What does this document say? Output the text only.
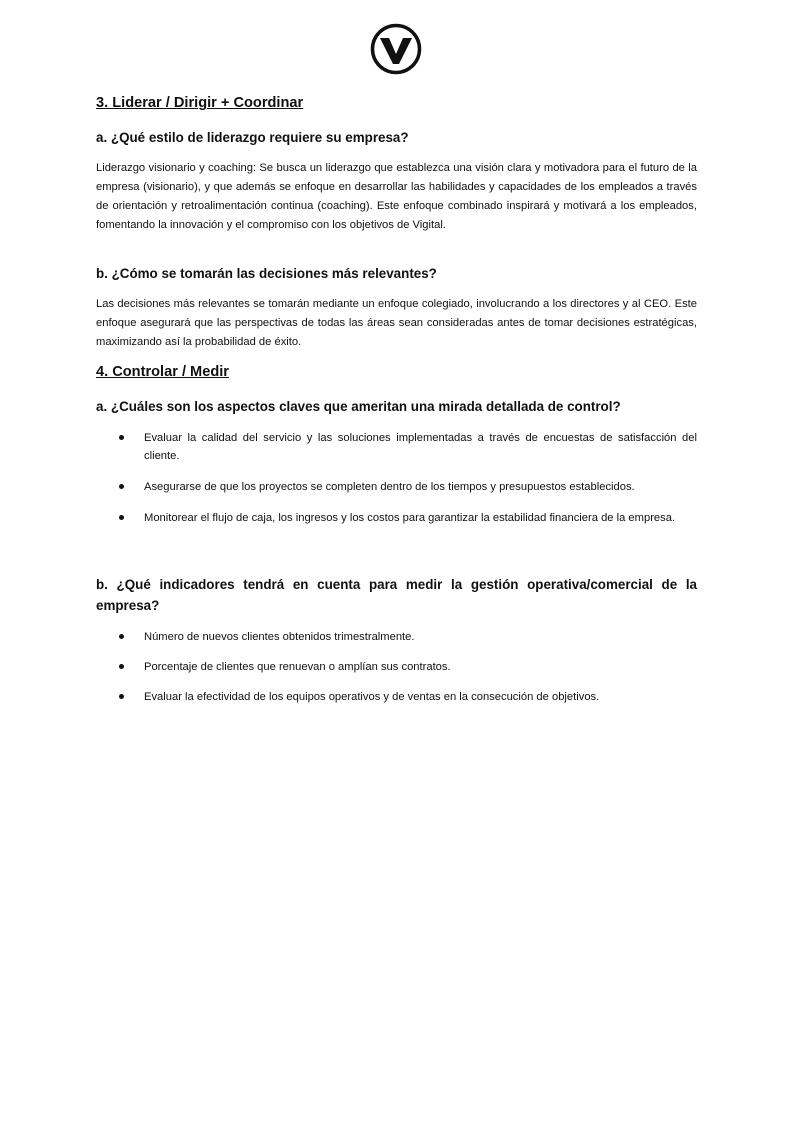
3. Liderar / Dirigir + Coordinar
a. ¿Qué estilo de liderazgo requiere su empresa?

Liderazgo visionario y coaching: Se busca un liderazgo que establezca una visión clara y motivadora para el futuro de la empresa (visionario), y que además se enfoque en desarrollar las habilidades y capacidades de los empleados a través de orientación y retroalimentación continua (coaching). Este enfoque combinado inspirará y motivará a los empleados, fomentando la innovación y el compromiso con los objetivos de Vigital.

b. ¿Cómo se tomarán las decisiones más relevantes?

Las decisiones más relevantes se tomarán mediante un enfoque colegiado, involucrando a los directores y al CEO. Este enfoque asegurará que las perspectivas de todas las áreas sean consideradas antes de tomar decisiones estratégicas, maximizando así la probabilidad de éxito.

4. Controlar / Medir
a. ¿Cuáles son los aspectos claves que ameritan una mirada detallada de control?
Evaluar la calidad del servicio y las soluciones implementadas a través de encuestas de satisfacción del cliente.
Asegurarse de que los proyectos se completen dentro de los tiempos y presupuestos establecidos.
Monitorear el flujo de caja, los ingresos y los costos para garantizar la estabilidad financiera de la empresa.
b. ¿Qué indicadores tendrá en cuenta para medir la gestión operativa/comercial de la empresa?
Número de nuevos clientes obtenidos trimestralmente.
Porcentaje de clientes que renuevan o amplían sus contratos.
Evaluar la efectividad de los equipos operativos y de ventas en la consecución de objetivos.
